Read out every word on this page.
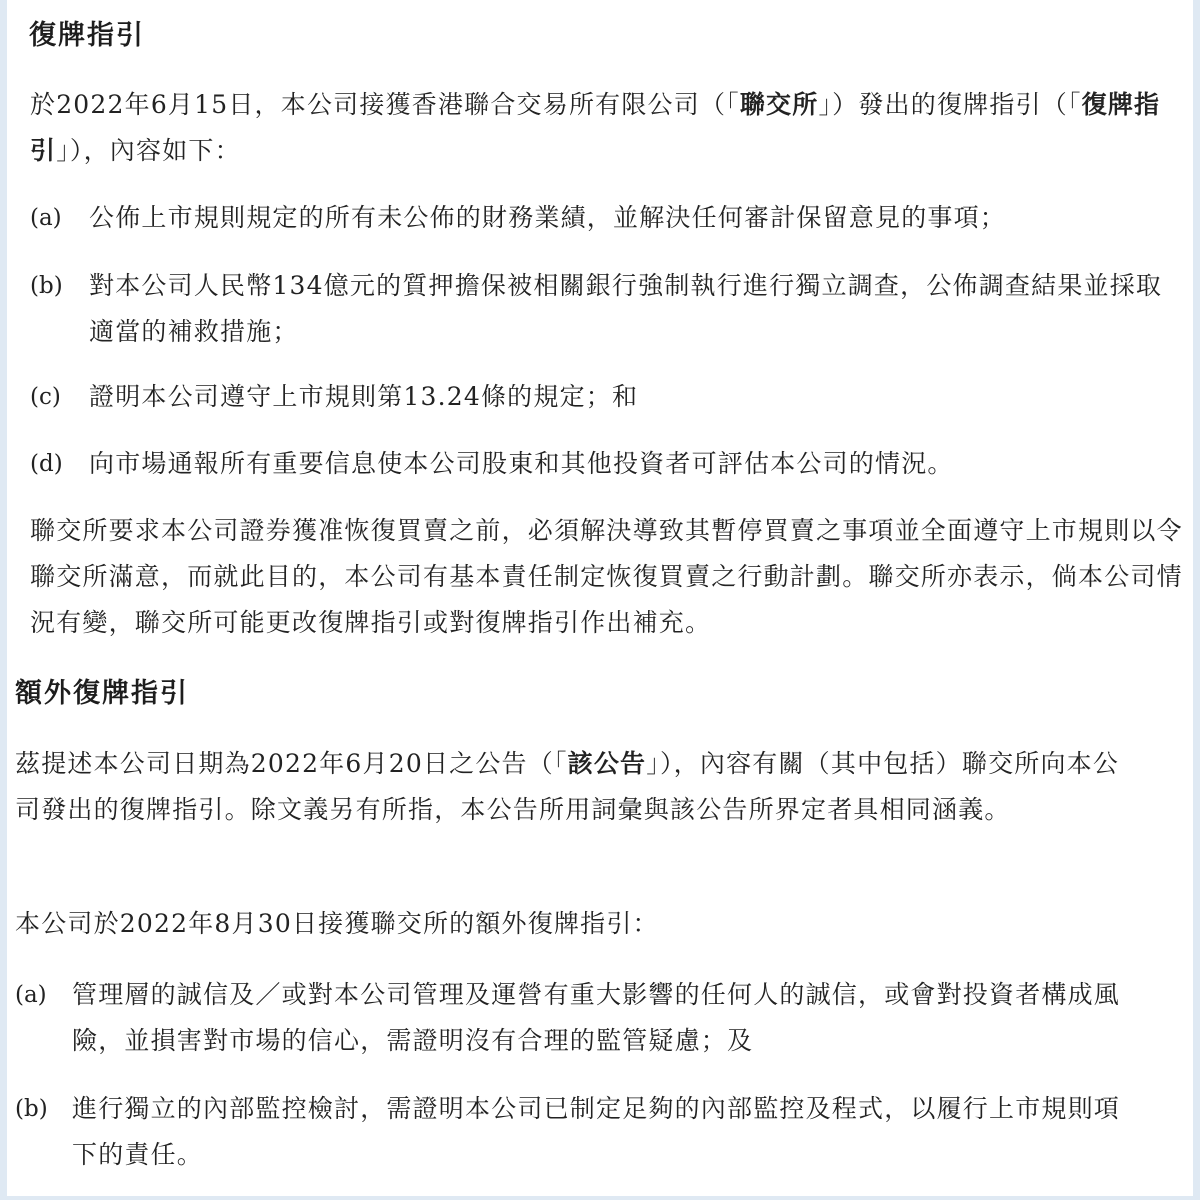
復牌指引

於2022年6月15日，本公司接獲香港聯合交易所有限公司（「聯交所」）發出的復牌指引（「復牌指引」），內容如下：

(a)	公佈上市規則規定的所有未公佈的財務業績，並解決任何審計保留意見的事項；
(b)	對本公司人民幣134億元的質押擔保被相關銀行強制執行進行獨立調查，公佈調查結果並採取適當的補救措施；
(c)	證明本公司遵守上市規則第13.24條的規定；和
(d)	向市場通報所有重要信息使本公司股東和其他投資者可評估本公司的情況。

聯交所要求本公司證券獲准恢復買賣之前，必須解決導致其暫停買賣之事項並全面遵守上市規則以令聯交所滿意，而就此目的，本公司有基本責任制定恢復買賣之行動計劃。聯交所亦表示，倘本公司情況有變，聯交所可能更改復牌指引或對復牌指引作出補充。

額外復牌指引

茲提述本公司日期為2022年6月20日之公告（「該公告」），內容有關（其中包括）聯交所向本公司發出的復牌指引。除文義另有所指，本公告所用詞彙與該公告所界定者具相同涵義。

本公司於2022年8月30日接獲聯交所的額外復牌指引：

(a)	管理層的誠信及／或對本公司管理及運營有重大影響的任何人的誠信，或會對投資者構成風險，並損害對市場的信心，需證明沒有合理的監管疑慮；及
(b) 進行獨立的內部監控檢討，需證明本公司已制定足夠的內部監控及程式，以履行上市規則項下的責任。
